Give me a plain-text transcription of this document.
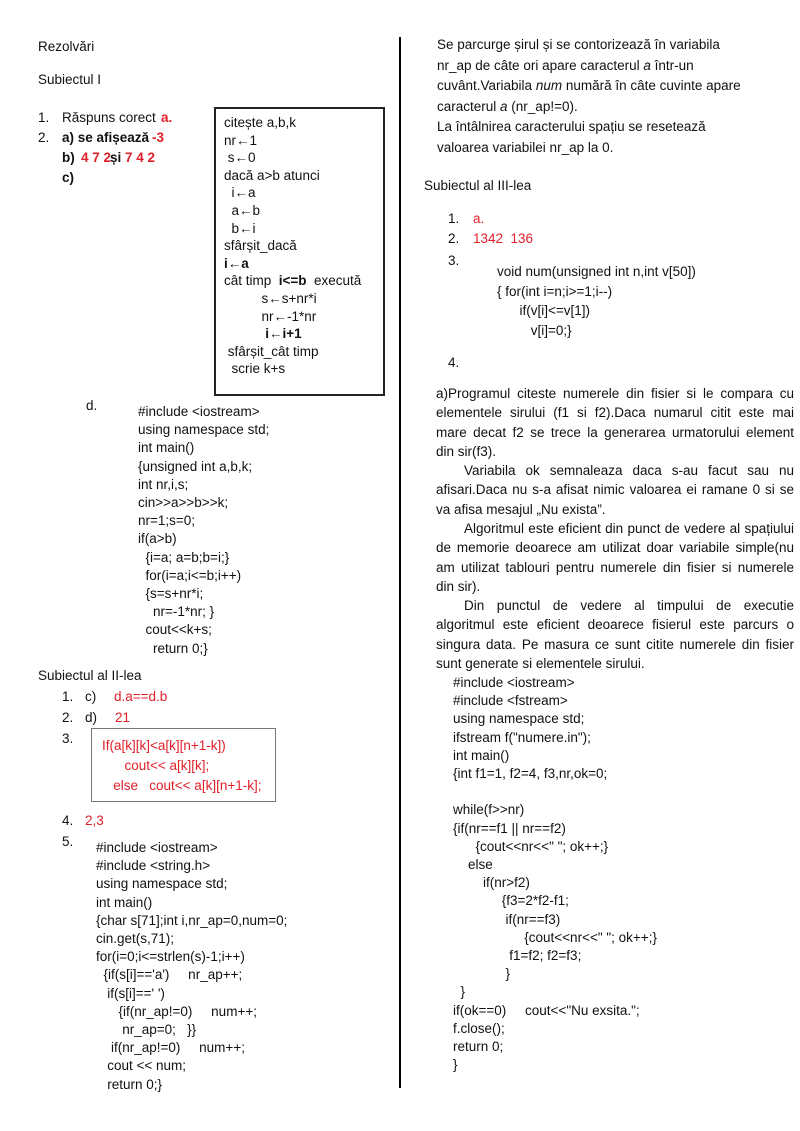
Rezolvări
Subiectul I
1. Răspuns corect a.
2. a) se afișează -3
b) 4 7 2
și 7 4 2
c)
citește a,b,k
nr←1
s←0
dacă a>b atunci
i←a
a←b
b←i
sfârșit_dacă
i←a
cât timp  i<=b  execută
s←s+nr*i
nr←-1*nr
i←i+1
sfârșit_cât timp
scrie k+s
d.	#include <iostream>
using namespace std;
int main()
{unsigned int a,b,k;
int nr,i,s;
cin>>a>>b>>k;
nr=1;s=0;
if(a>b)
{i=a; a=b;b=i;}
for(i=a;i<=b;i++)
{s=s+nr*i;
nr=-1*nr; }
cout<<k+s;
return 0;}
Subiectul al II-lea
1. c) d.a==d.b
2. d) 21
3. If(a[k][k]<a[k][n+1-k])
cout<< a[k][k];
else   cout<< a[k][n+1-k];
4. 2,3
5. #include <iostream>
#include <string.h>
using namespace std;
int main()
{char s[71];int i,nr_ap=0,num=0;
cin.get(s,71);
for(i=0;i<=strlen(s)-1;i++)
{if(s[i]=='a')     nr_ap++;
if(s[i]==' ')
{if(nr_ap!=0)     num++;
nr_ap=0;   }}
if(nr_ap!=0)     num++;
cout << num;
return 0;}
Se parcurge șirul și se contorizează în variabila
nr_ap de câte ori apare caracterul a într-un
cuvânt.Variabila num numără în câte cuvinte apare
caracterul a (nr_ap!=0).
La întâlnirea caracterului spațiu se resetează
valoarea variabilei nr_ap la 0.
Subiectul al III-lea
1. a.
2. 1342  136
3.
void num(unsigned int n,int v[50])
{ for(int i=n;i>=1;i--)
if(v[i]<=v[1])
v[i]=0;}
4.
a)Programul citeste numerele din fisier si le compara cu elementele sirului (f1 si f2).Daca numarul citit este mai mare decat f2 se trece la generarea urmatorului element din sir(f3).
Variabila ok semnaleaza daca s-au facut sau nu afisari.Daca nu s-a afisat nimic valoarea ei ramane 0 si se va afisa mesajul „Nu exista”.
Algoritmul este eficient din punct de vedere al spațiului de memorie deoarece am utilizat doar variabile simple(nu am utilizat tablouri pentru numerele din fisier si numerele din sir).
Din punctul de vedere al timpului de executie algoritmul este eficient deoarece fisierul este parcurs o singura data. Pe masura ce sunt citite numerele din fisier sunt generate si elementele sirului.
#include <iostream>
#include <fstream>
using namespace std;
ifstream f("numere.in");
int main()
{int f1=1, f2=4, f3,nr,ok=0;
while(f>>nr)
{if(nr==f1 || nr==f2)
{cout<<nr<<" "; ok++;}
else
if(nr>f2)
{f3=2*f2-f1;
if(nr==f3)
{cout<<nr<<" "; ok++;}
f1=f2; f2=f3;
}
}
if(ok==0)     cout<<"Nu exsita.";
f.close();
return 0;
}
